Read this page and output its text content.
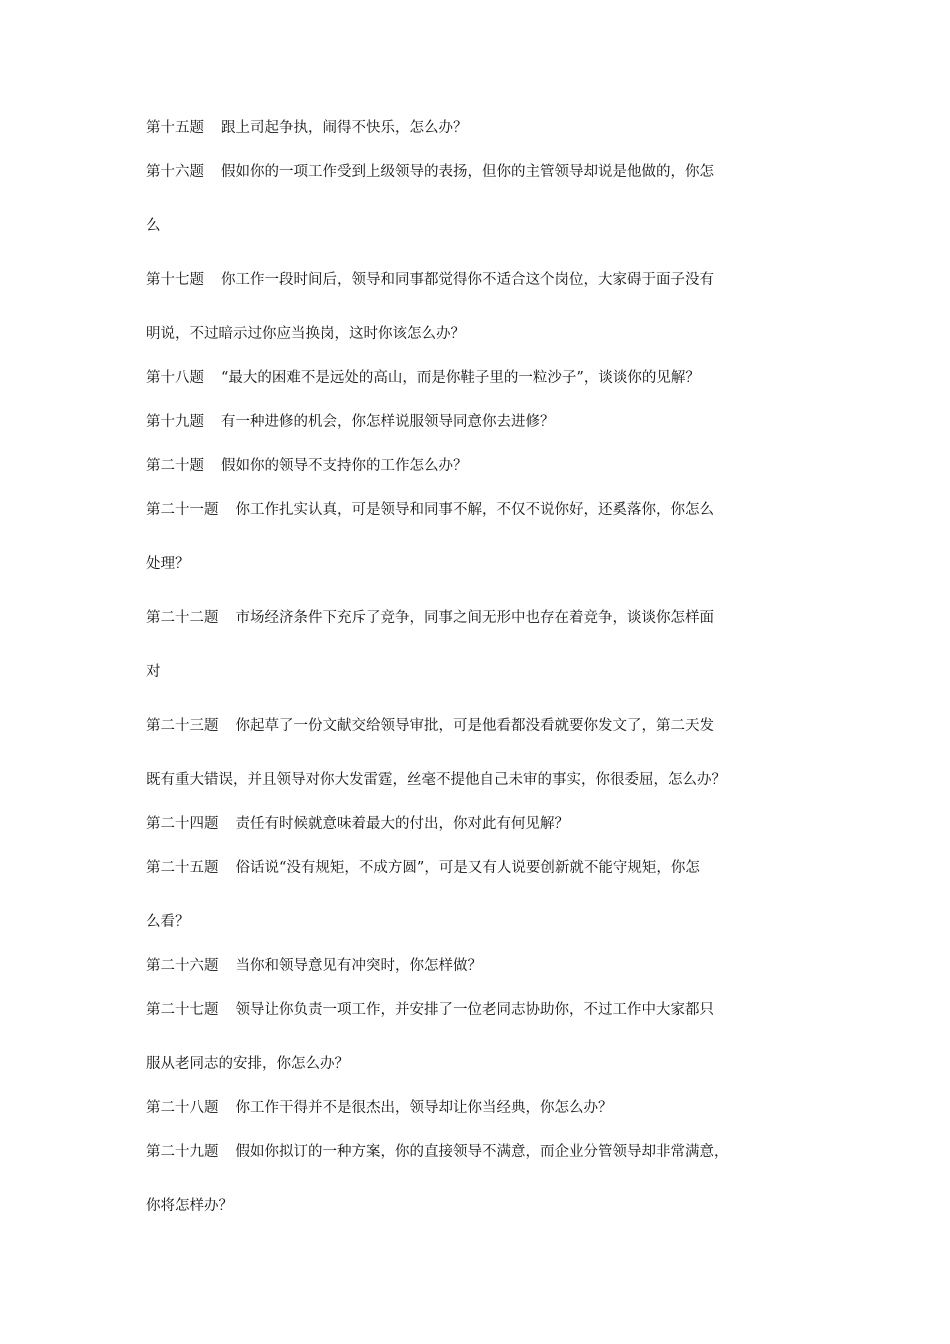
第十五题 跟上司起争执，闹得不快乐，怎么办？
第十六题 假如你的一项工作受到上级领导的表扬，但你的主管领导却说是他做的，你怎
么
第十七题 你工作一段时间后，领导和同事都觉得你不适合这个岗位，大家碍于面子没有
明说，不过暗示过你应当换岗，这时你该怎么办？
第十八题 “最大的困难不是远处的高山，而是你鞋子里的一粒沙子”，谈谈你的见解？
第十九题 有一种进修的机会，你怎样说服领导同意你去进修？
第二十题 假如你的领导不支持你的工作怎么办？
第二十一题 你工作扎实认真，可是领导和同事不解，不仅不说你好，还奚落你，你怎么
处理？
第二十二题 市场经济条件下充斥了竞争，同事之间无形中也存在着竞争，谈谈你怎样面
对
第二十三题 你起草了一份文献交给领导审批，可是他看都没看就要你发文了，第二天发
既有重大错误，并且领导对你大发雷霆，丝毫不提他自己未审的事实，你很委屈，怎么办？
第二十四题 责任有时候就意味着最大的付出，你对此有何见解？
第二十五题 俗话说“没有规矩，不成方圆”，可是又有人说要创新就不能守规矩，你怎
么看？
第二十六题 当你和领导意见有冲突时，你怎样做？
第二十七题 领导让你负责一项工作，并安排了一位老同志协助你，不过工作中大家都只
服从老同志的安排，你怎么办？
第二十八题 你工作干得并不是很杰出，领导却让你当经典，你怎么办？
第二十九题 假如你拟订的一种方案，你的直接领导不满意，而企业分管领导却非常满意，
你将怎样办？
